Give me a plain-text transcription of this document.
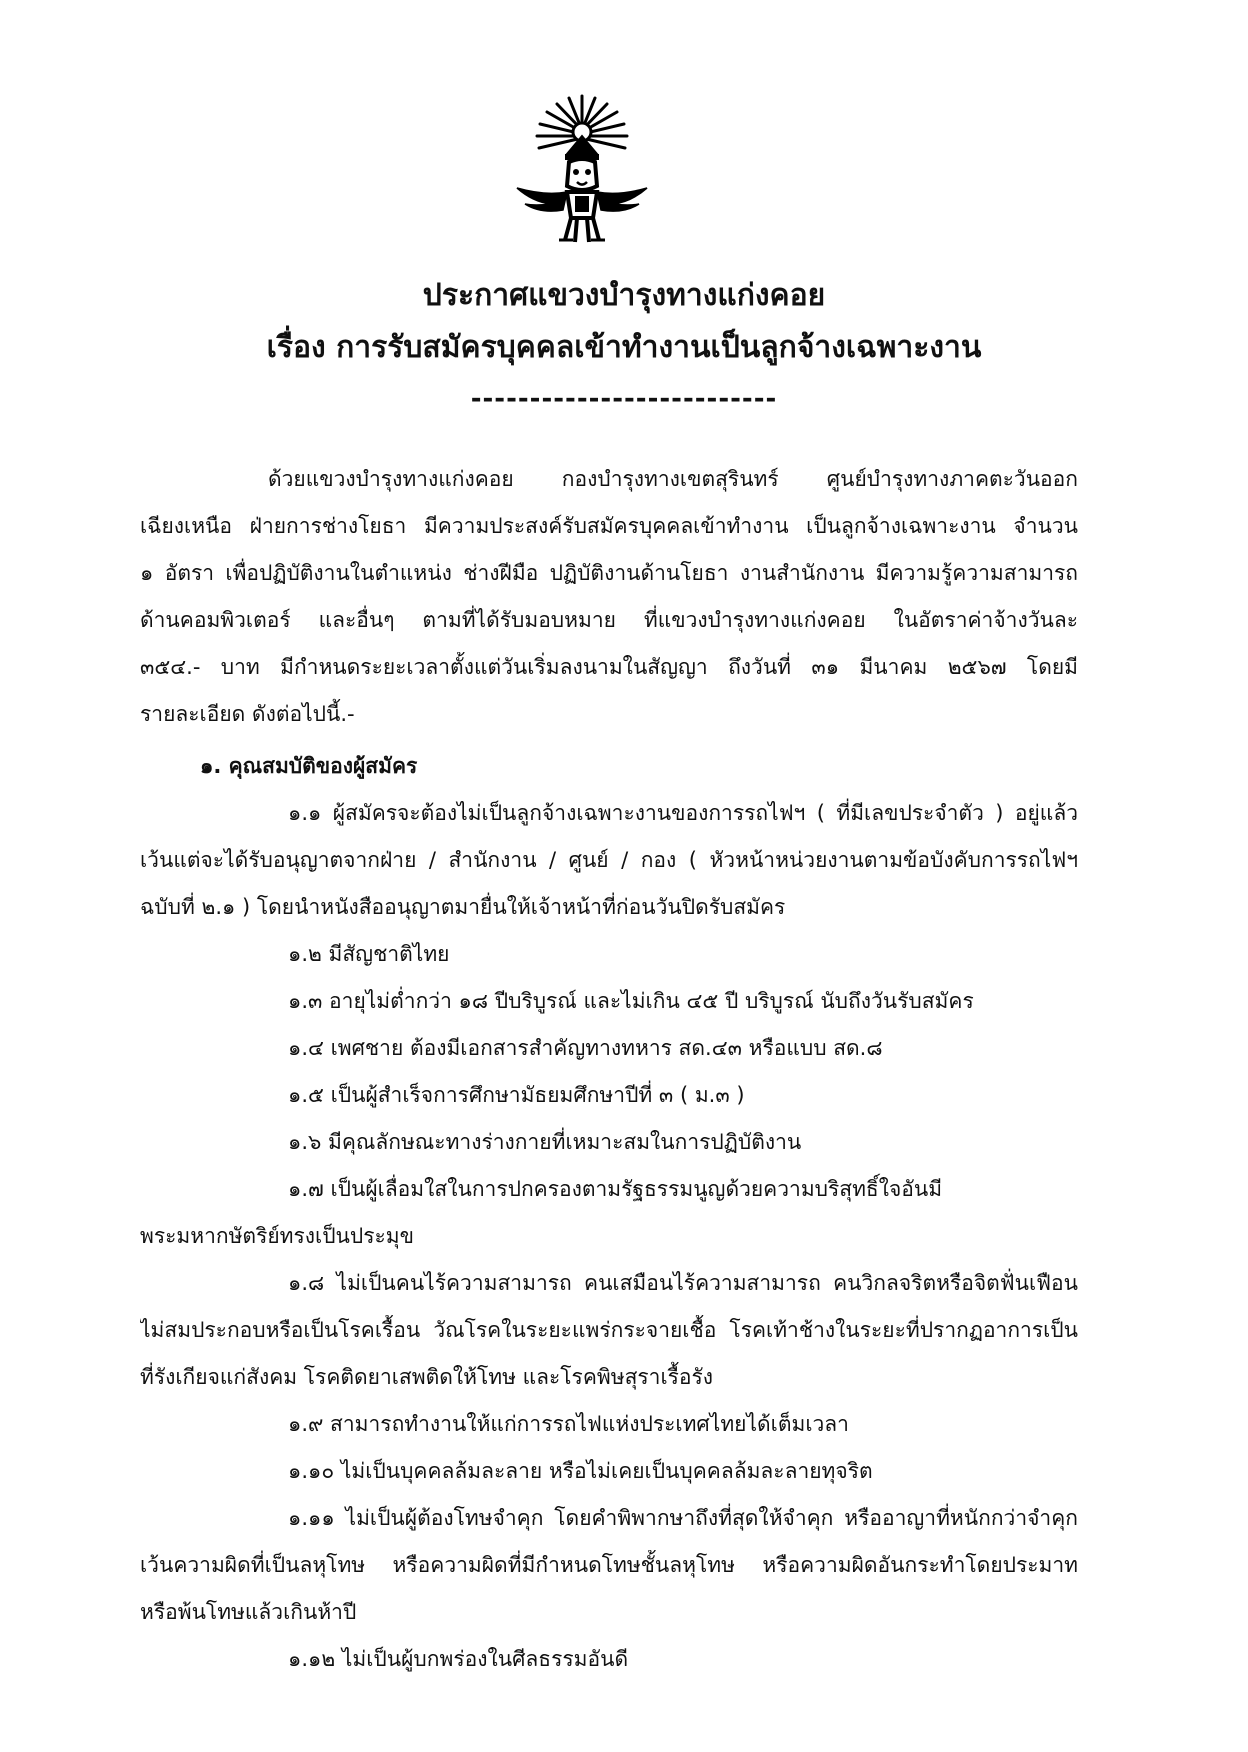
ประกาศแขวงบำรุงทางแก่งคอย
เรื่อง การรับสมัครบุคคลเข้าทำงานเป็นลูกจ้างเฉพาะงาน
--------------------------
ด้วยแขวงบำรุงทางแก่งคอย กองบำรุงทางเขตสุรินทร์ ศูนย์บำรุงทางภาคตะวันออก
เฉียงเหนือ ฝ่ายการช่างโยธา มีความประสงค์รับสมัครบุคคลเข้าทำงาน เป็นลูกจ้างเฉพาะงาน จำนวน
๑ อัตรา เพื่อปฏิบัติงานในตำแหน่ง ช่างฝีมือ ปฏิบัติงานด้านโยธา งานสำนักงาน มีความรู้ความสามารถ
ด้านคอมพิวเตอร์ และอื่นๆ ตามที่ได้รับมอบหมาย ที่แขวงบำรุงทางแก่งคอย ในอัตราค่าจ้างวันละ
๓๕๔.- บาท มีกำหนดระยะเวลาตั้งแต่วันเริ่มลงนามในสัญญา ถึงวันที่ ๓๑ มีนาคม ๒๕๖๗ โดยมี
รายละเอียด ดังต่อไปนี้.-
๑. คุณสมบัติของผู้สมัคร
๑.๑ ผู้สมัครจะต้องไม่เป็นลูกจ้างเฉพาะงานของการรถไฟฯ ( ที่มีเลขประจำตัว ) อยู่แล้ว
เว้นแต่จะได้รับอนุญาตจากฝ่าย / สำนักงาน / ศูนย์ / กอง ( หัวหน้าหน่วยงานตามข้อบังคับการรถไฟฯ
ฉบับที่ ๒.๑ ) โดยนำหนังสืออนุญาตมายื่นให้เจ้าหน้าที่ก่อนวันปิดรับสมัคร
๑.๒ มีสัญชาติไทย
๑.๓ อายุไม่ต่ำกว่า ๑๘ ปีบริบูรณ์ และไม่เกิน ๔๕ ปี บริบูรณ์ นับถึงวันรับสมัคร
๑.๔ เพศชาย ต้องมีเอกสารสำคัญทางทหาร สด.๔๓ หรือแบบ สด.๘
๑.๕ เป็นผู้สำเร็จการศึกษามัธยมศึกษาปีที่ ๓ ( ม.๓ )
๑.๖ มีคุณลักษณะทางร่างกายที่เหมาะสมในการปฏิบัติงาน
๑.๗ เป็นผู้เลื่อมใสในการปกครองตามรัฐธรรมนูญด้วยความบริสุทธิ์ใจอันมี
พระมหากษัตริย์ทรงเป็นประมุข
๑.๘ ไม่เป็นคนไร้ความสามารถ คนเสมือนไร้ความสามารถ คนวิกลจริตหรือจิตฟั่นเฟือน
ไม่สมประกอบหรือเป็นโรคเรื้อน วัณโรคในระยะแพร่กระจายเชื้อ โรคเท้าช้างในระยะที่ปรากฏอาการเป็น
ที่รังเกียจแก่สังคม โรคติดยาเสพติดให้โทษ และโรคพิษสุราเรื้อรัง
๑.๙ สามารถทำงานให้แก่การรถไฟแห่งประเทศไทยได้เต็มเวลา
๑.๑๐ ไม่เป็นบุคคลล้มละลาย หรือไม่เคยเป็นบุคคลล้มละลายทุจริต
๑.๑๑ ไม่เป็นผู้ต้องโทษจำคุก โดยคำพิพากษาถึงที่สุดให้จำคุก หรืออาญาที่หนักกว่าจำคุก
เว้นความผิดที่เป็นลหุโทษ หรือความผิดที่มีกำหนดโทษชั้นลหุโทษ หรือความผิดอันกระทำโดยประมาท
หรือพ้นโทษแล้วเกินห้าปี
๑.๑๒ ไม่เป็นผู้บกพร่องในศีลธรรมอันดี
